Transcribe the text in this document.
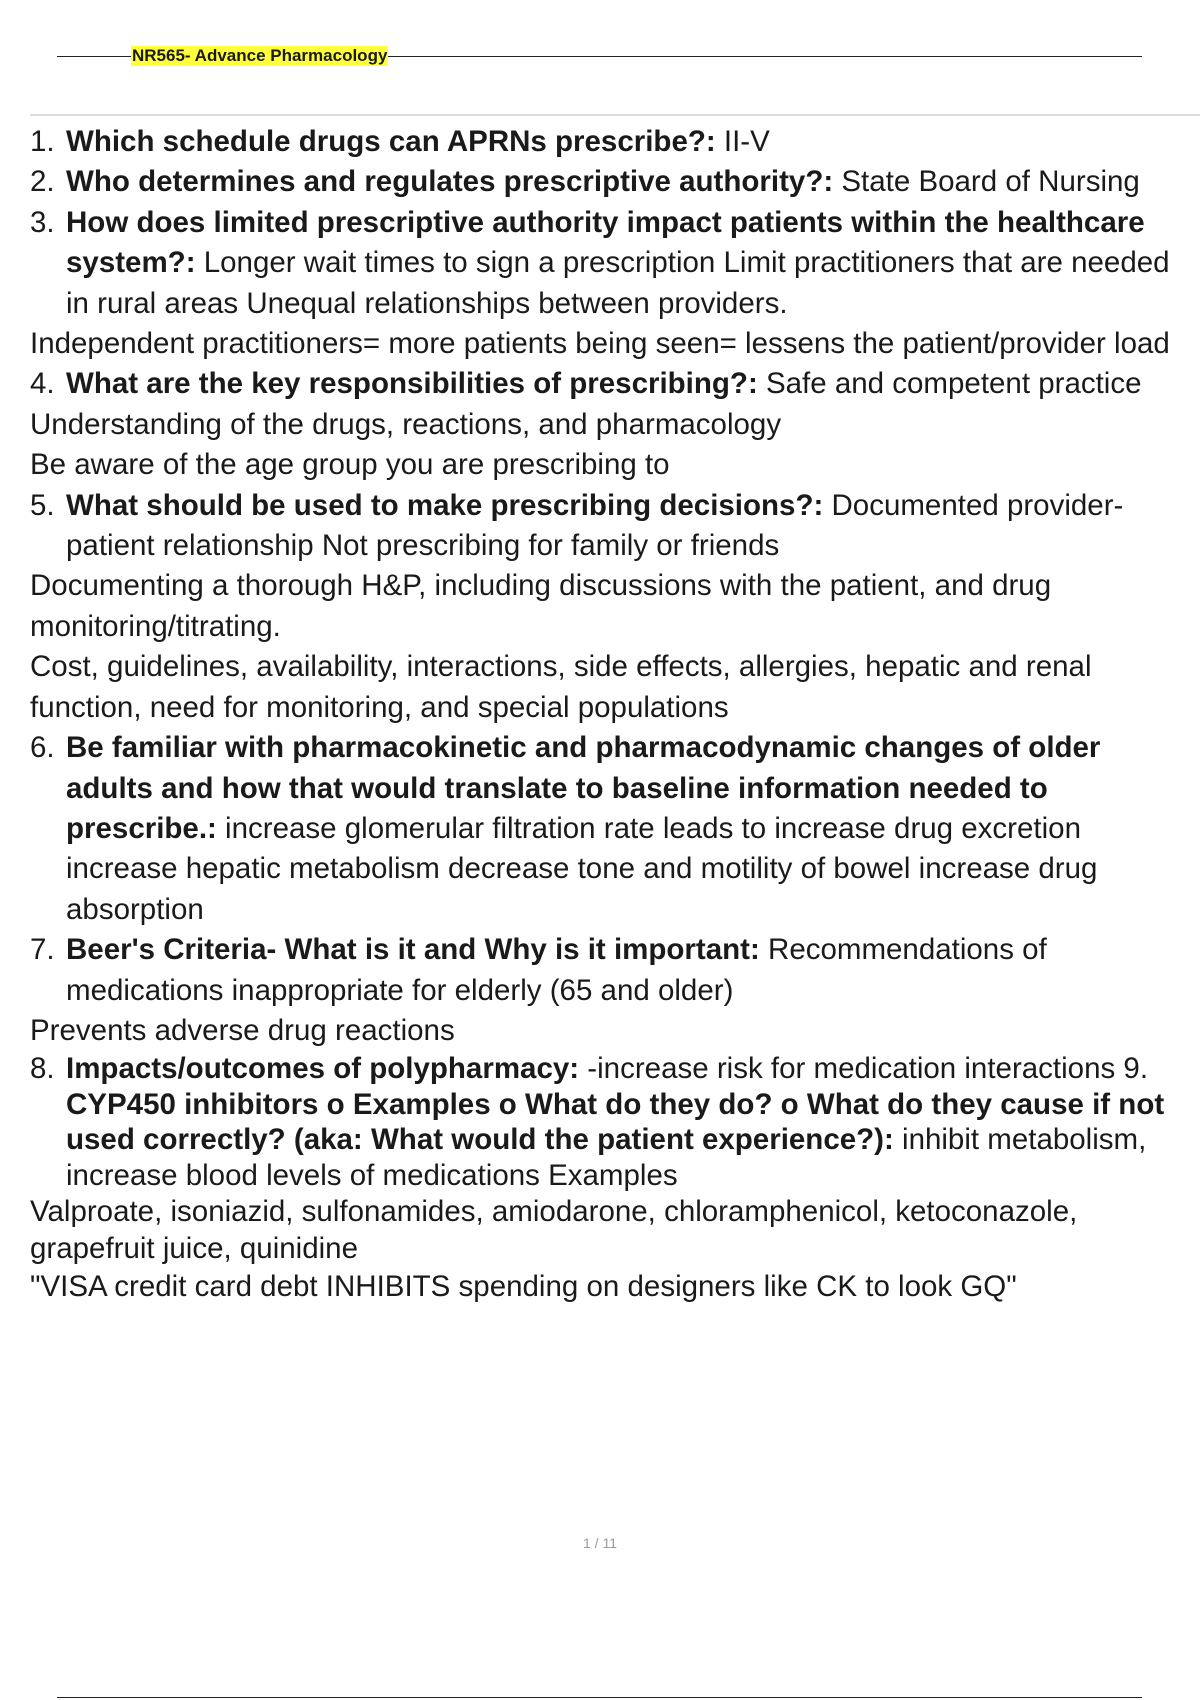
NR565- Advance Pharmacology
1. Which schedule drugs can APRNs prescribe?: II-V
2. Who determines and regulates prescriptive authority?: State Board of Nursing
3. How does limited prescriptive authority impact patients within the healthcare system?: Longer wait times to sign a prescription Limit practitioners that are needed in rural areas Unequal relationships between providers.
Independent practitioners= more patients being seen= lessens the patient/provider load
4. What are the key responsibilities of prescribing?: Safe and competent practice
Understanding of the drugs, reactions, and pharmacology
Be aware of the age group you are prescribing to
5. What should be used to make prescribing decisions?: Documented provider-patient relationship Not prescribing for family or friends
Documenting a thorough H&P, including discussions with the patient, and drug monitoring/titrating.
Cost, guidelines, availability, interactions, side effects, allergies, hepatic and renal function, need for monitoring, and special populations
6. Be familiar with pharmacokinetic and pharmacodynamic changes of older adults and how that would translate to baseline information needed to prescribe.: increase glomerular filtration rate leads to increase drug excretion increase hepatic metabolism decrease tone and motility of bowel increase drug absorption
7. Beer's Criteria- What is it and Why is it important: Recommendations of medications inappropriate for elderly (65 and older)
Prevents adverse drug reactions
8. Impacts/outcomes of polypharmacy: -increase risk for medication interactions 9. CYP450 inhibitors o Examples o What do they do? o What do they cause if not used correctly? (aka: What would the patient experience?): inhibit metabolism, increase blood levels of medications Examples
Valproate, isoniazid, sulfonamides, amiodarone, chloramphenicol, ketoconazole, grapefruit juice, quinidine
"VISA credit card debt INHIBITS spending on designers like CK to look GQ"
1 / 11
